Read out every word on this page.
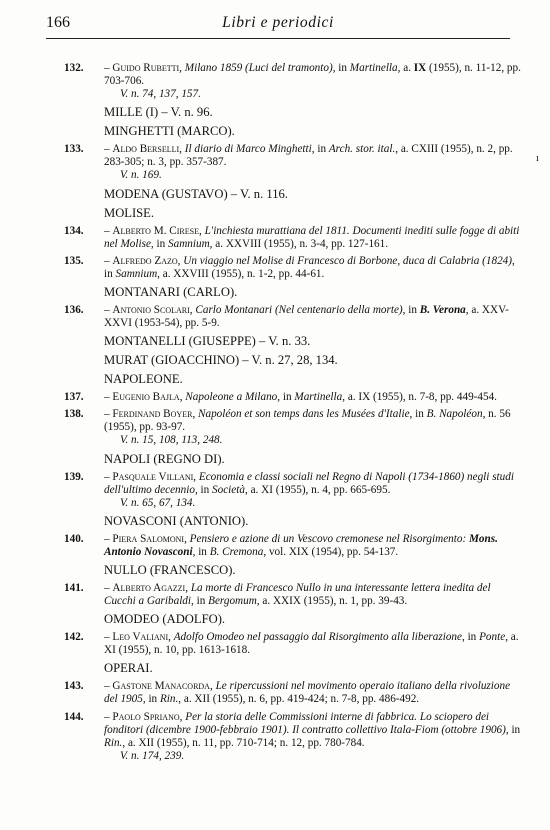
166	Libri e periodici
132. – Guido Rubetti, Milano 1859 (Luci del tramonto), in Martinella, a. IX (1955), n. 11-12, pp. 703-706.
V. n. 74, 137, 157.
MILLE (I) – V. n. 96.
MINGHETTI (MARCO).
133. – Aldo Berselli, Il diario di Marco Minghetti, in Arch. stor. ital., a. CXIII (1955), n. 2, pp. 283-305; n. 3, pp. 357-387.
V. n. 169.
MODENA (GUSTAVO) – V. n. 116.
MOLISE.
134. – Alberto M. Cirese, L'inchiesta murattiana del 1811. Documenti inediti sulle fogge di abiti nel Molise, in Samnium, a. XXVIII (1955), n. 3-4, pp. 127-161.
135. – Alfredo Zazo, Un viaggio nel Molise di Francesco di Borbone, duca di Calabria (1824), in Samnium, a. XXVIII (1955), n. 1-2, pp. 44-61.
MONTANARI (CARLO).
136. – Antonio Scolari, Carlo Montanari (Nel centenario della morte), in B. Verona, a. XXV-XXVI (1953-54), pp. 5-9.
MONTANELLI (GIUSEPPE) – V. n. 33.
MURAT (GIOACCHINO) – V. n. 27, 28, 134.
NAPOLEONE.
137. – Eugenio Bajla, Napoleone a Milano, in Martinella, a. IX (1955), n. 7-8, pp. 449-454.
138. – Ferdinand Boyer, Napoléon et son temps dans les Musées d'Italie, in B. Napoléon, n. 56 (1955), pp. 93-97.
V. n. 15, 108, 113, 248.
NAPOLI (REGNO DI).
139. – Pasquale Villani, Economia e classi sociali nel Regno di Napoli (1734-1860) negli studi dell'ultimo decennio, in Società, a. XI (1955), n. 4, pp. 665-695.
V. n. 65, 67, 134.
NOVASCONI (ANTONIO).
140. – Piera Salomoni, Pensiero e azione di un Vescovo cremonese nel Risorgimento: Mons. Antonio Novasconi, in B. Cremona, vol. XIX (1954), pp. 54-137.
NULLO (FRANCESCO).
141. – Alberto Agazzi, La morte di Francesco Nullo in una interessante lettera inedita del Cucchi a Garibaldi, in Bergomum, a. XXIX (1955), n. 1, pp. 39-43.
OMODEO (ADOLFO).
142. – Leo Valiani, Adolfo Omodeo nel passaggio dal Risorgimento alla liberazione, in Ponte, a. XI (1955), n. 10, pp. 1613-1618.
OPERAI.
143. – Gastone Manacorda, Le ripercussioni nel movimento operaio italiano della rivoluzione del 1905, in Rin., a. XII (1955), n. 6, pp. 419-424; n. 7-8, pp. 486-492.
144. – Paolo Spriano, Per la storia delle Commissioni interne di fabbrica. Lo sciopero dei fonditori (dicembre 1900-febbraio 1901). Il contratto collettivo Itala-Fiom (ottobre 1906), in Rin., a. XII (1955), n. 11, pp. 710-714; n. 12, pp. 780-784.
V. n. 174, 239.
ı
